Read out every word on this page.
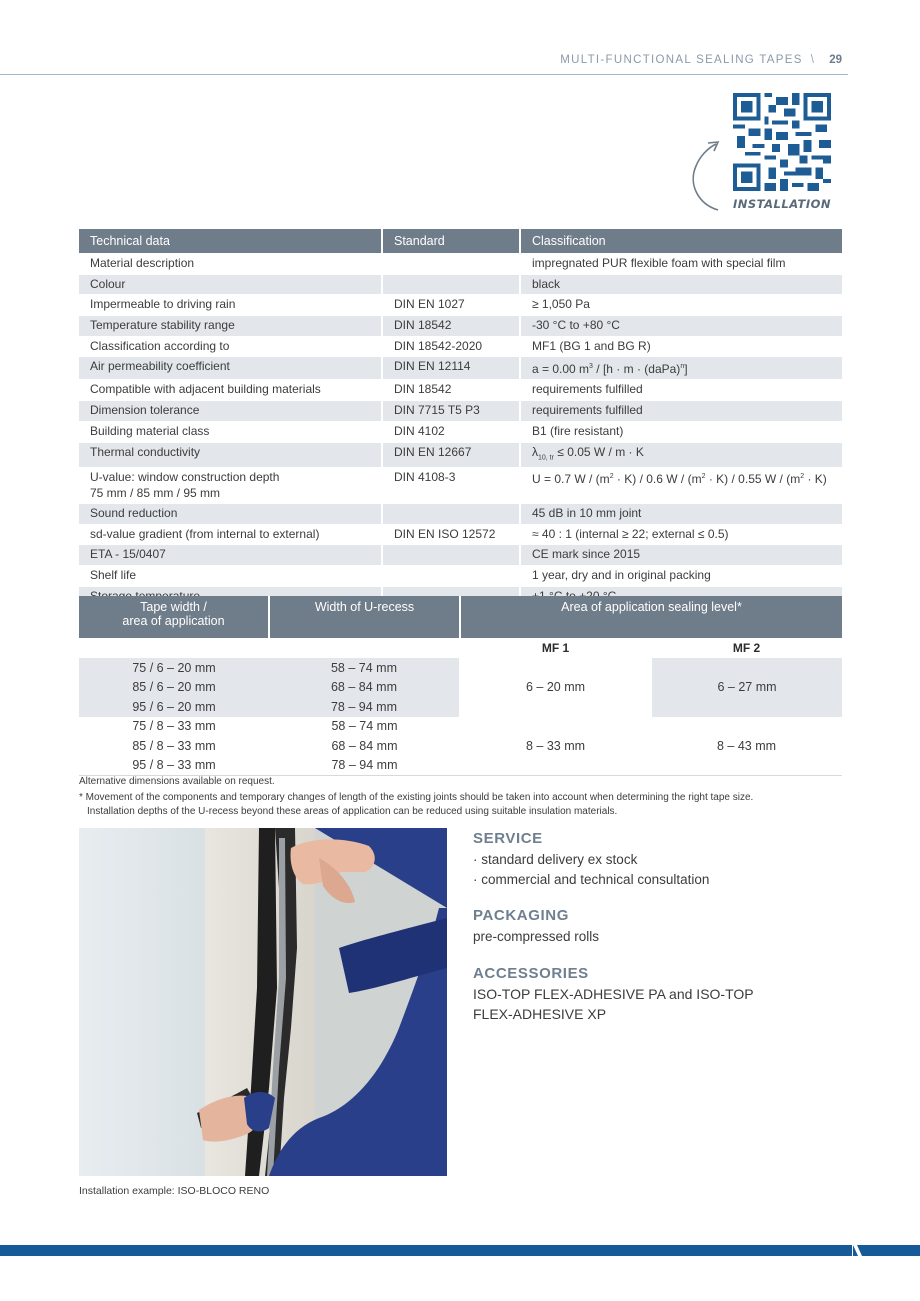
MULTI-FUNCTIONAL SEALING TAPES \ 29
INSTALLATION
Technical data	Standard	Classification
Material description		impregnated PUR flexible foam with special film
Colour		black
Impermeable to driving rain	DIN EN 1027	≥ 1,050 Pa
Temperature stability range	DIN 18542	-30 °C to +80 °C
Classification according to	DIN 18542-2020	MF1 (BG 1 and BG R)
Air permeability coefficient	DIN EN 12114	a = 0.00 $m^3 / [h \cdot m$ · (daPa)$^n$]
Compatible with adjacent building materials	DIN 18542	requirements fulfilled
Dimension tolerance	DIN 7715 T5 P3	requirements fulfilled
Building material class	DIN 4102	B1 (fire resistant)
Thermal conductivity	DIN EN 12667	$\lambda_{10, tr} \le 0.05$ W / m · K
U-value: window construction depth
75 mm / 85 mm / 95 mm	DIN 4108-3	U = 0.7 $W / (m^2 \cdot K) / 0.6$ $W / (m^2 \cdot K) / 0.55$ $W / (m^2 \cdot K)$
Sound reduction		45 dB in 10 mm joint
sd-value gradient (from internal to external)	DIN EN ISO 12572	≈ 40 : 1 (internal ≥ 22; external ≤ 0.5)
ETA - 15/0407		CE mark since 2015
Shelf life		1 year, dry and in original packing

Tape width /
area of application	Width of U-recess	Area of application sealing level*	
		MF 1	MF 2
75 / 6 – 20 mm	58 – 74 mm	6 – 20 mm	6 – 27 mm
85 / 6 – 20 mm	68 – 84 mm		
95 / 6 – 20 mm	78 – 94 mm		
75 / 8 – 33 mm	58 – 74 mm	8 – 33 mm	8 – 43 mm
85 / 8 – 33 mm	68 – 84 mm		
95 / 8 – 33 mm	78 – 94 mm		
Alternative dimensions available on request.
* Movement of the components and temporary changes of length of the existing joints should be taken into account when determining the right tape size.
Installation depths of the U-recess beyond these areas of application can be reduced using suitable insulation materials.
Installation example: ISO-BLOCO RENO
SERVICE
· standard delivery ex stock
· commercial and technical consultation
PACKAGING
pre-compressed rolls
ACCESSORIES
ISO-TOP FLEX-ADHESIVE PA and ISO-TOP
FLEX-ADHESIVE XP
